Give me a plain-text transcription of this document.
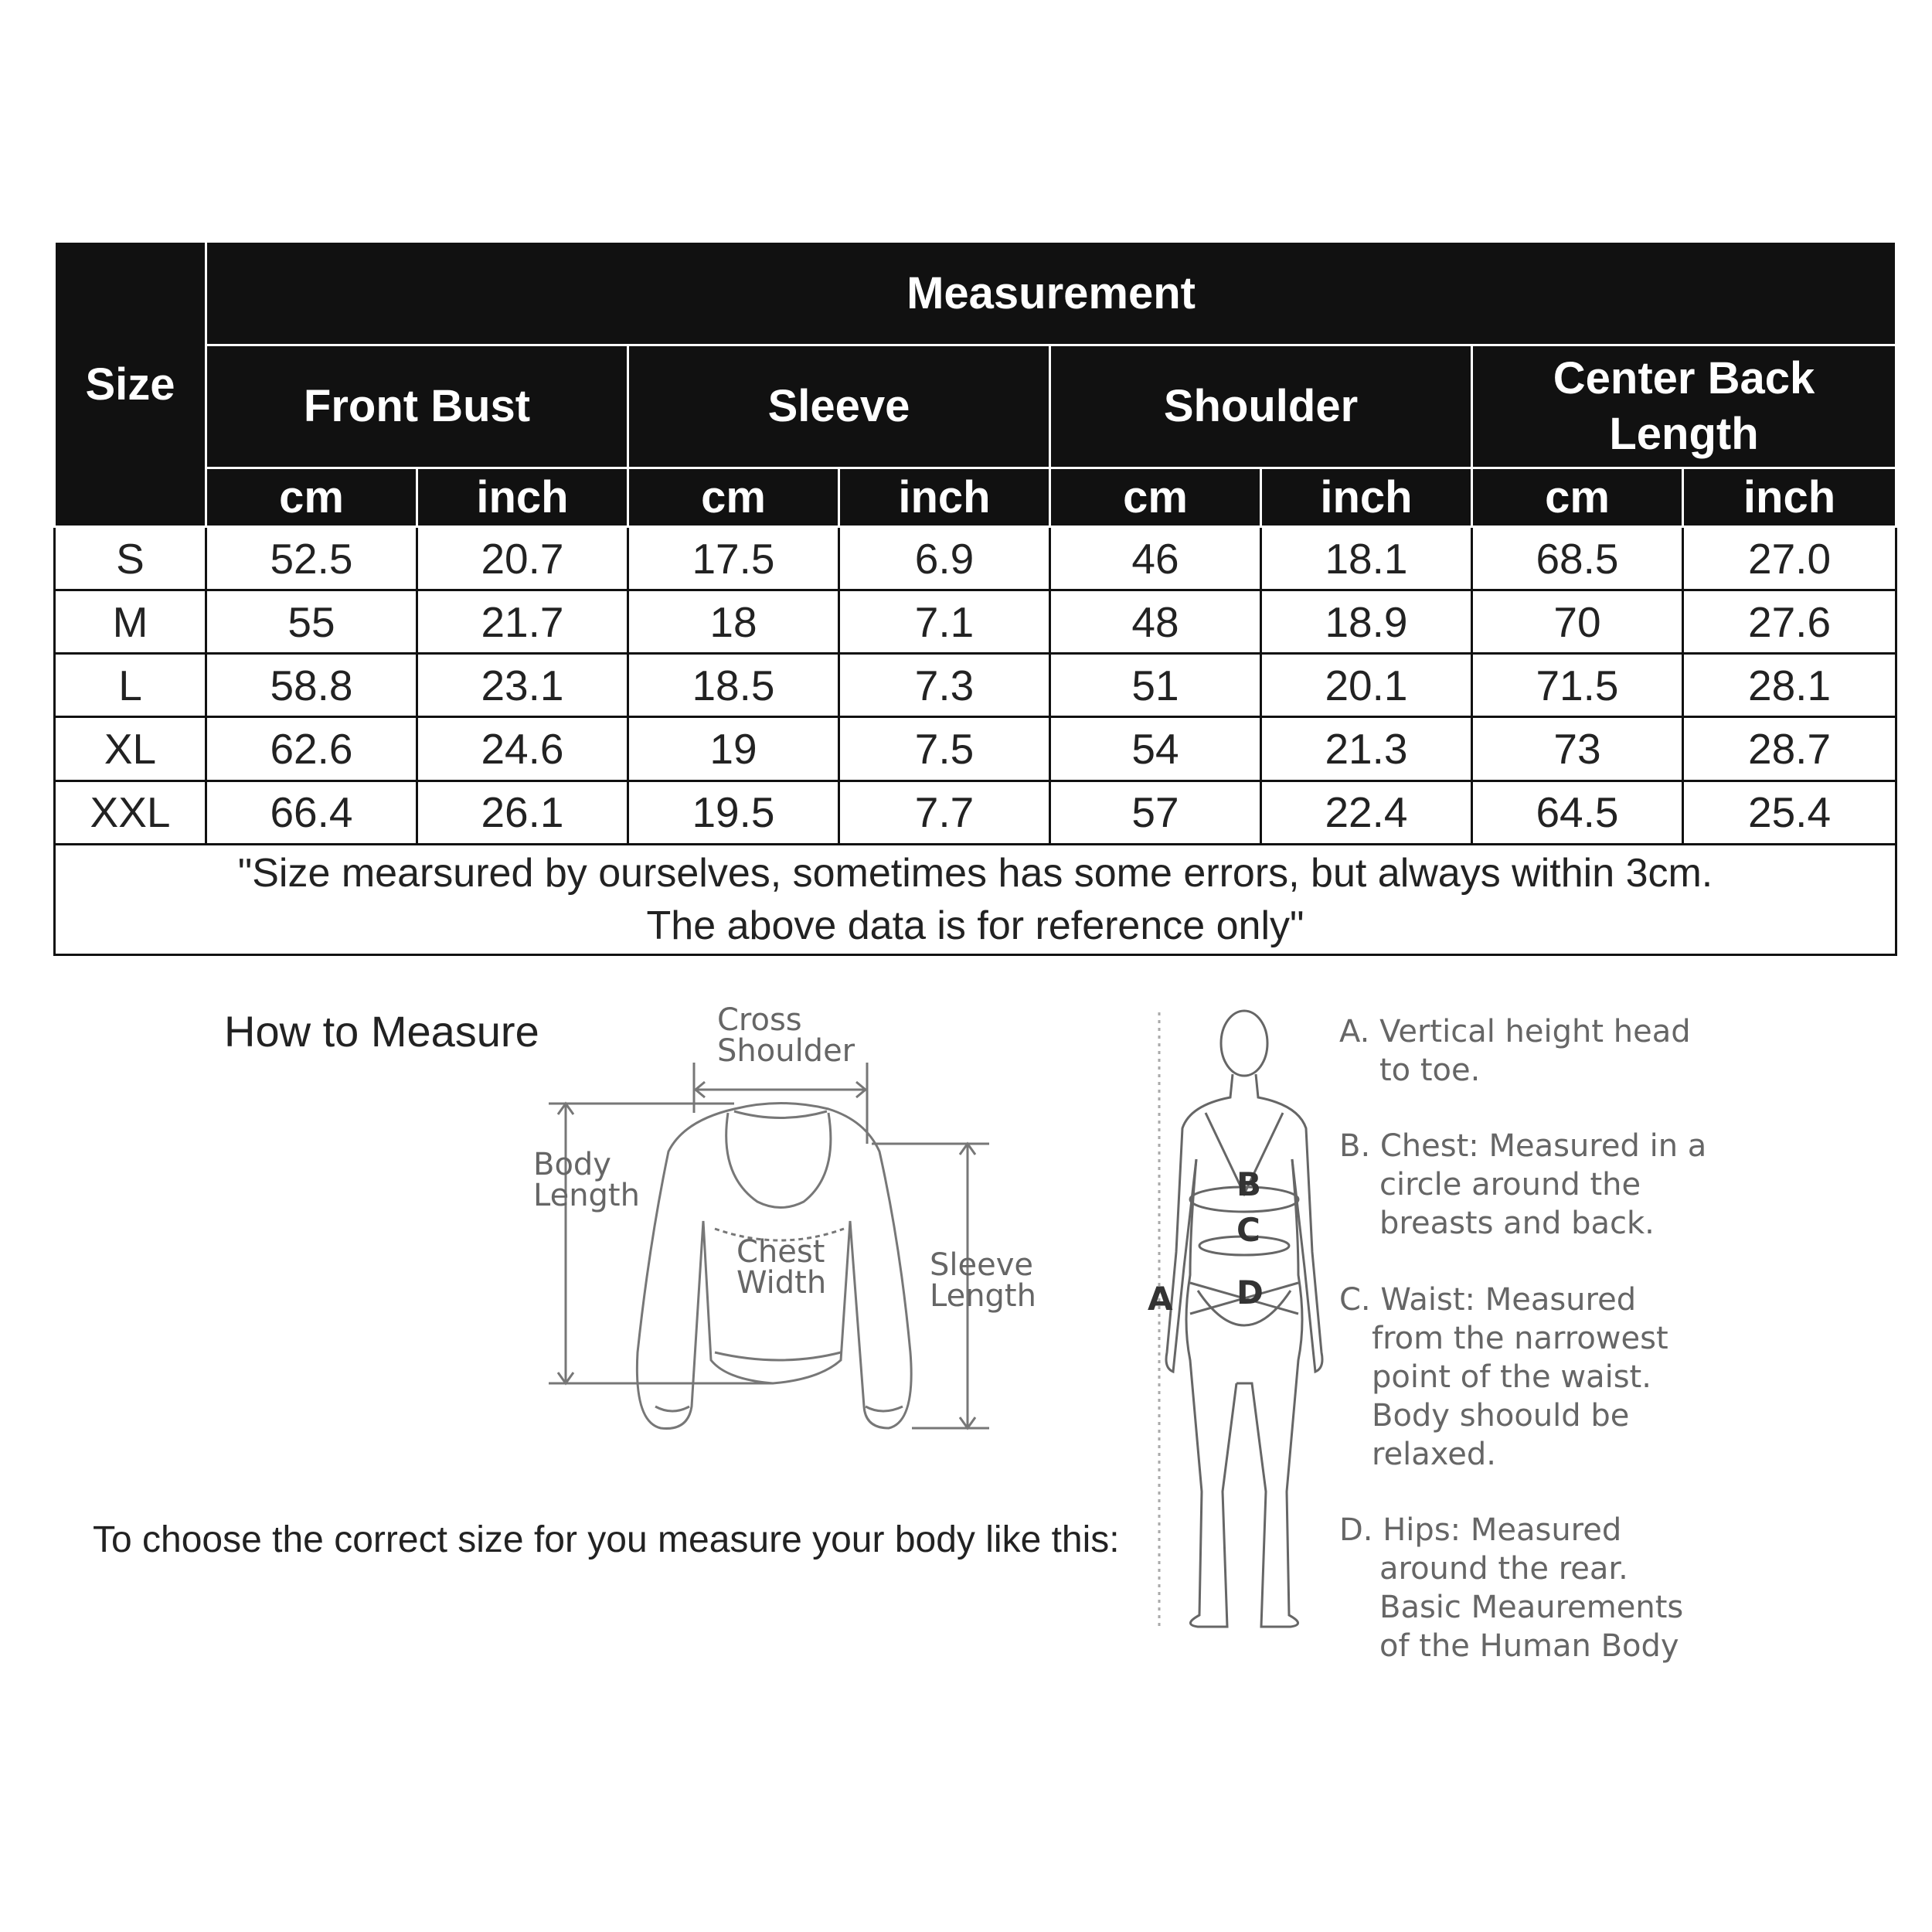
Size	Measurement							
	Front Bust		Sleeve		Shoulder		Center Back
Length	

	cm	inch	cm	inch	cm	inch	cm	inch
S	52.5	20.7	17.5	6.9	46	18.1	68.5	27.0
M	55	21.7	18	7.1	48	18.9	70	27.6
L	58.8	23.1	18.5	7.3	51	20.1	71.5	28.1
XL	62.6	24.6	19	7.5	54	21.3	73	28.7
XXL	66.4	26.1	19.5	7.7	57	22.4	64.5	25.4

"Size mearsured by ourselves, sometimes has some errors, but always within 3cm.
The above data is for reference only"								
How to Measure
To choose the correct size for you measure your body like this:
Cross
Shoulder
Body
Length
Chest
Width	Sleeve
Length	A
B
C
D
A. Vertical height head
to toe.
B. Chest: Measured in a
circle around the
breasts and back.
C. Waist: Measured
from the narrowest
point of the waist.
Body shoould be
relaxed.
D. Hips: Measured
around the rear.
Basic Meaurements
of the Human Body
